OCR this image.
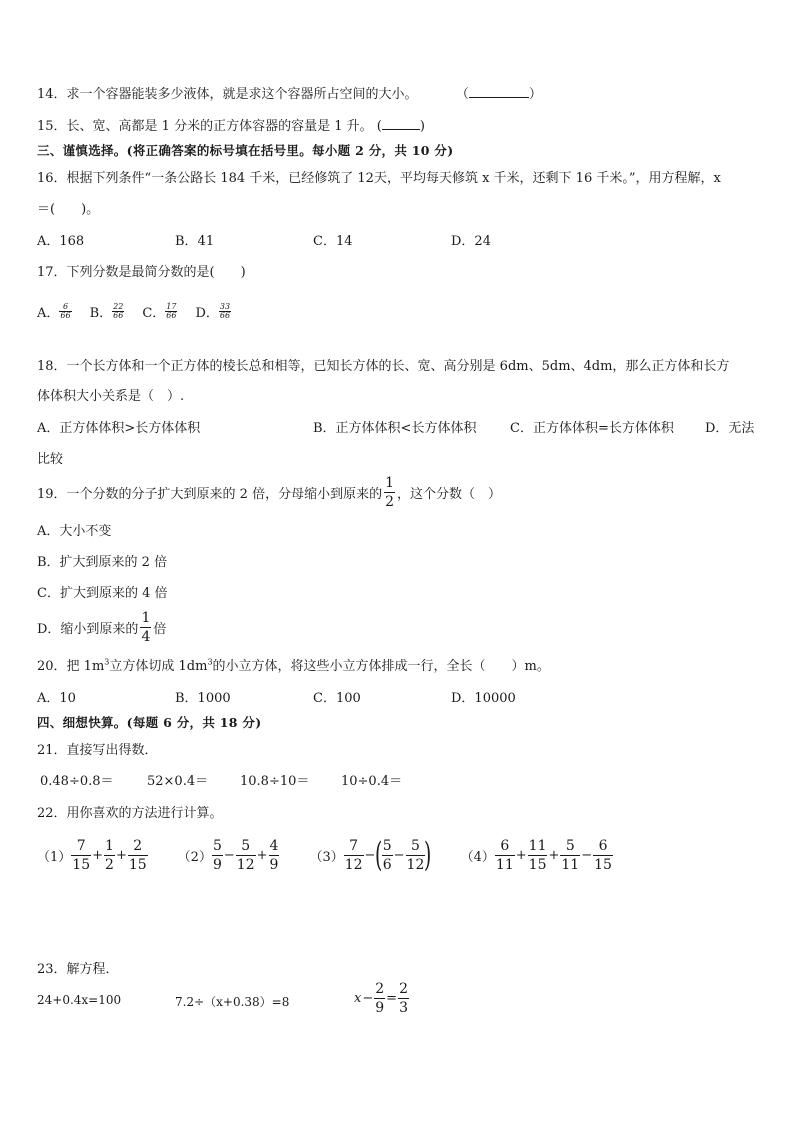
14．求一个容器能装多少液体，就是求这个容器所占空间的大小。	（	）
15．长、宽、高都是 1 分米的正方体容器的容量是 1 升。 (	)
三、谨慎选择。(将正确答案的标号填在括号里。每小题 2 分，共 10 分)
16．根据下列条件“一条公路长 184 千米，已经修筑了 12天，平均每天修筑 x 千米，还剩下 16 千米。”，用方程解，x
＝(　　)。
A．168	B．41	C．14	D．24
17．下列分数是最简分数的是(　　)
A． $\frac{6}{66}$ B． $\frac{22}{66}$ C． $\frac{17}{66}$ D． $\frac{33}{66}$
18．一个长方体和一个正方体的棱长总和相等，已知长方体的长、宽、高分别是 6dm、5dm、4dm，那么正方体和长方
体体积大小关系是（　）.
A．正方体体积>长方体体积	B．正方体体积<长方体体积	C．正方体体积=长方体体积 D．无法
比较
19．一个分数的分子扩大到原来的 2 倍，分母缩小到原来的 $\frac{1}{2}$ ，这个分数（　）
A．大小不变
B．扩大到原来的 2 倍
C．扩大到原来的 4 倍
D．缩小到原来的 $\frac{1}{4}$ 倍
20．把 $1m^3$立方体切成 $1dm^3$的小立方体，将这些小立方体排成一行，全长（　　）m。
A．10	B．1000	C．100	D．10000
四、细想快算。(每题 6 分，共 18 分)
21．直接写出得数．
0.48÷0.8＝	52×0.4＝ 10.8÷10＝ 10÷0.4＝
22．用你喜欢的方法进行计算。
$(1) \frac{7}{15} + \frac{1}{2} + \frac{2}{15} (2) \frac{5}{9} - \frac{5}{12} + \frac{4}{9} (3) \frac{7}{12}$ − (
$\frac{5}{6} - \frac{5}{12}$
) $(4) \frac{6}{11} + \frac{11}{15} + \frac{5}{11} - \frac{6}{15}$
23．解方程．
24+0.4x=100	7.2÷（x+0.38）=8	$x - \frac{2}{9} = \frac{2}{3}$
